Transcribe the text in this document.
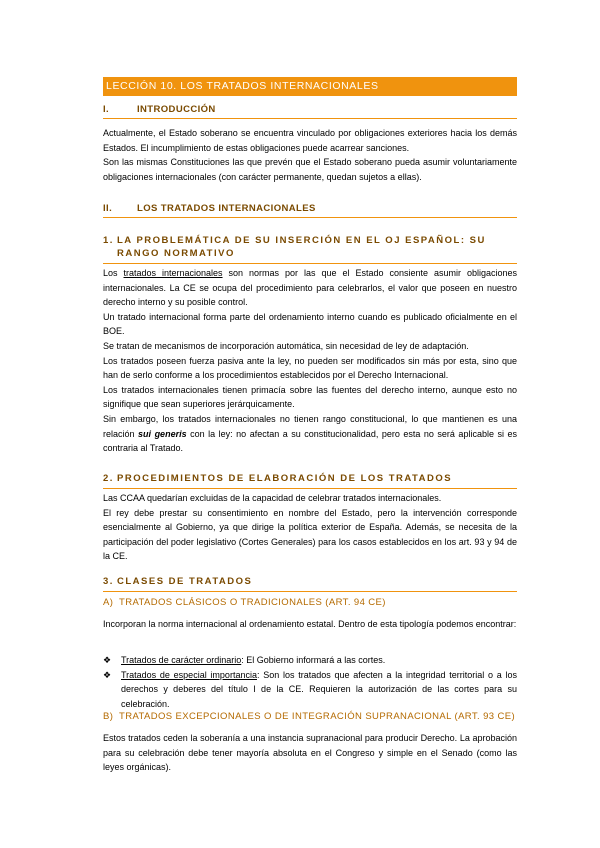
LECCIÓN 10. LOS TRATADOS INTERNACIONALES
I.	INTRODUCCIÓN

Actualmente, el Estado soberano se encuentra vinculado por obligaciones exteriores hacia los demás Estados. El incumplimiento de estas obligaciones puede acarrear sanciones.

Son las mismas Constituciones las que prevén que el Estado soberano pueda asumir voluntariamente obligaciones internacionales (con carácter permanente, quedan sujetos a ellas).

II.	LOS TRATADOS INTERNACIONALES
1. LA PROBLEMÁTICA DE SU INSERCIÓN EN EL OJ ESPAÑOL: SU RANGO NORMATIVO

Los tratados internacionales son normas por las que el Estado consiente asumir obligaciones internacionales. La CE se ocupa del procedimiento para celebrarlos, el valor que poseen en nuestro derecho interno y su posible control.

Un tratado internacional forma parte del ordenamiento interno cuando es publicado oficialmente en el BOE.

Se tratan de mecanismos de incorporación automática, sin necesidad de ley de adaptación.

Los tratados poseen fuerza pasiva ante la ley, no pueden ser modificados sin más por esta, sino que han de serlo conforme a los procedimientos establecidos por el Derecho Internacional.

Los tratados internacionales tienen primacía sobre las fuentes del derecho interno, aunque esto no signifique que sean superiores jerárquicamente.

Sin embargo, los tratados internacionales no tienen rango constitucional, lo que mantienen es una relación sui generis con la ley: no afectan a su constitucionalidad, pero esta no será aplicable si es contraria al Tratado.

2. PROCEDIMIENTOS DE ELABORACIÓN DE LOS TRATADOS

Las CCAA quedarían excluidas de la capacidad de celebrar tratados internacionales.

El rey debe prestar su consentimiento en nombre del Estado, pero la intervención corresponde esencialmente al Gobierno, ya que dirige la política exterior de España. Además, se necesita de la participación del poder legislativo (Cortes Generales) para los casos establecidos en los art. 93 y 94 de la CE.

3. CLASES DE TRATADOS
A) TRATADOS CLÁSICOS O TRADICIONALES (ART. 94 CE)

Incorporan la norma internacional al ordenamiento estatal. Dentro de esta tipología podemos encontrar:

❖ Tratados de carácter ordinario: El Gobierno informará a las cortes.
❖ Tratados de especial importancia: Son los tratados que afecten a la integridad territorial o a los derechos y deberes del título I de la CE. Requieren la autorización de las cortes para su celebración.
B) TRATADOS EXCEPCIONALES O DE INTEGRACIÓN SUPRANACIONAL (ART. 93 CE)

Estos tratados ceden la soberanía a una instancia supranacional para producir Derecho. La aprobación para su celebración debe tener mayoría absoluta en el Congreso y simple en el Senado (como las leyes orgánicas).
